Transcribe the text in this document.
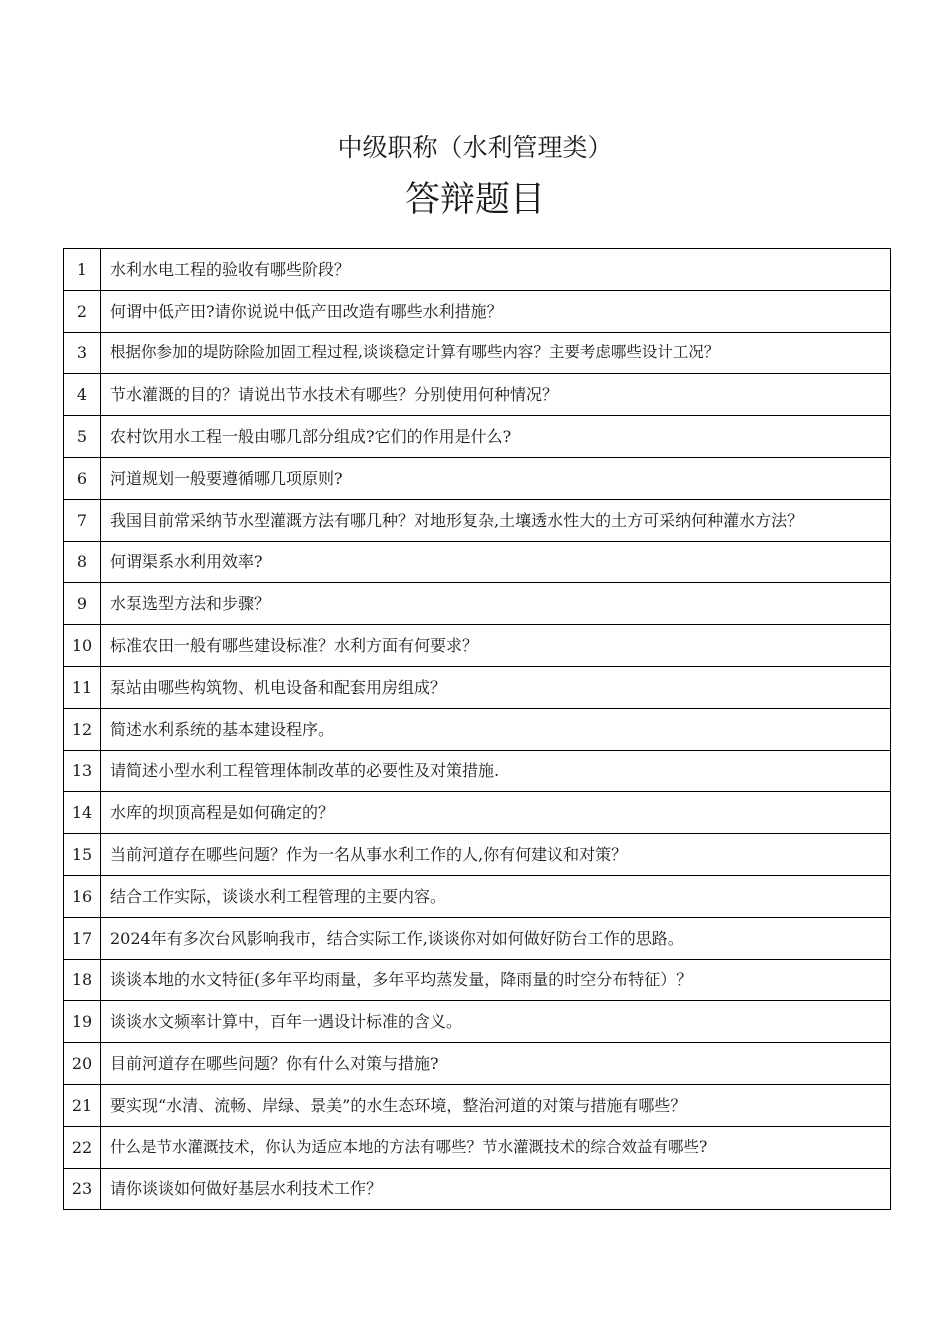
中级职称（水利管理类）
答辩题目
1	水利水电工程的验收有哪些阶段？
2	何谓中低产田?请你说说中低产田改造有哪些水利措施？
3	根据你参加的堤防除险加固工程过程,谈谈稳定计算有哪些内容？主要考虑哪些设计工况？
4	节水灌溉的目的？请说出节水技术有哪些？分别使用何种情况？
5	农村饮用水工程一般由哪几部分组成?它们的作用是什么?
6	河道规划一般要遵循哪几项原则?
7	我国目前常采纳节水型灌溉方法有哪几种？对地形复杂,土壤透水性大的土方可采纳何种灌水方法？
8	何谓渠系水利用效率?
9	水泵选型方法和步骤？
10	标准农田一般有哪些建设标准？水利方面有何要求？
11	泵站由哪些构筑物、机电设备和配套用房组成？
12	简述水利系统的基本建设程序。
13	请简述小型水利工程管理体制改革的必要性及对策措施.
14	水库的坝顶高程是如何确定的？
15	当前河道存在哪些问题？作为一名从事水利工作的人,你有何建议和对策？
16	结合工作实际，谈谈水利工程管理的主要内容。
17	2024年有多次台风影响我市，结合实际工作,谈谈你对如何做好防台工作的思路。
18	谈谈本地的水文特征(多年平均雨量，多年平均蒸发量，降雨量的时空分布特征）？
19	谈谈水文频率计算中，百年一遇设计标准的含义。
20	目前河道存在哪些问题？你有什么对策与措施?
21	要实现“水清、流畅、岸绿、景美”的水生态环境，整治河道的对策与措施有哪些？
22	什么是节水灌溉技术，你认为适应本地的方法有哪些？节水灌溉技术的综合效益有哪些?
23	请你谈谈如何做好基层水利技术工作？
